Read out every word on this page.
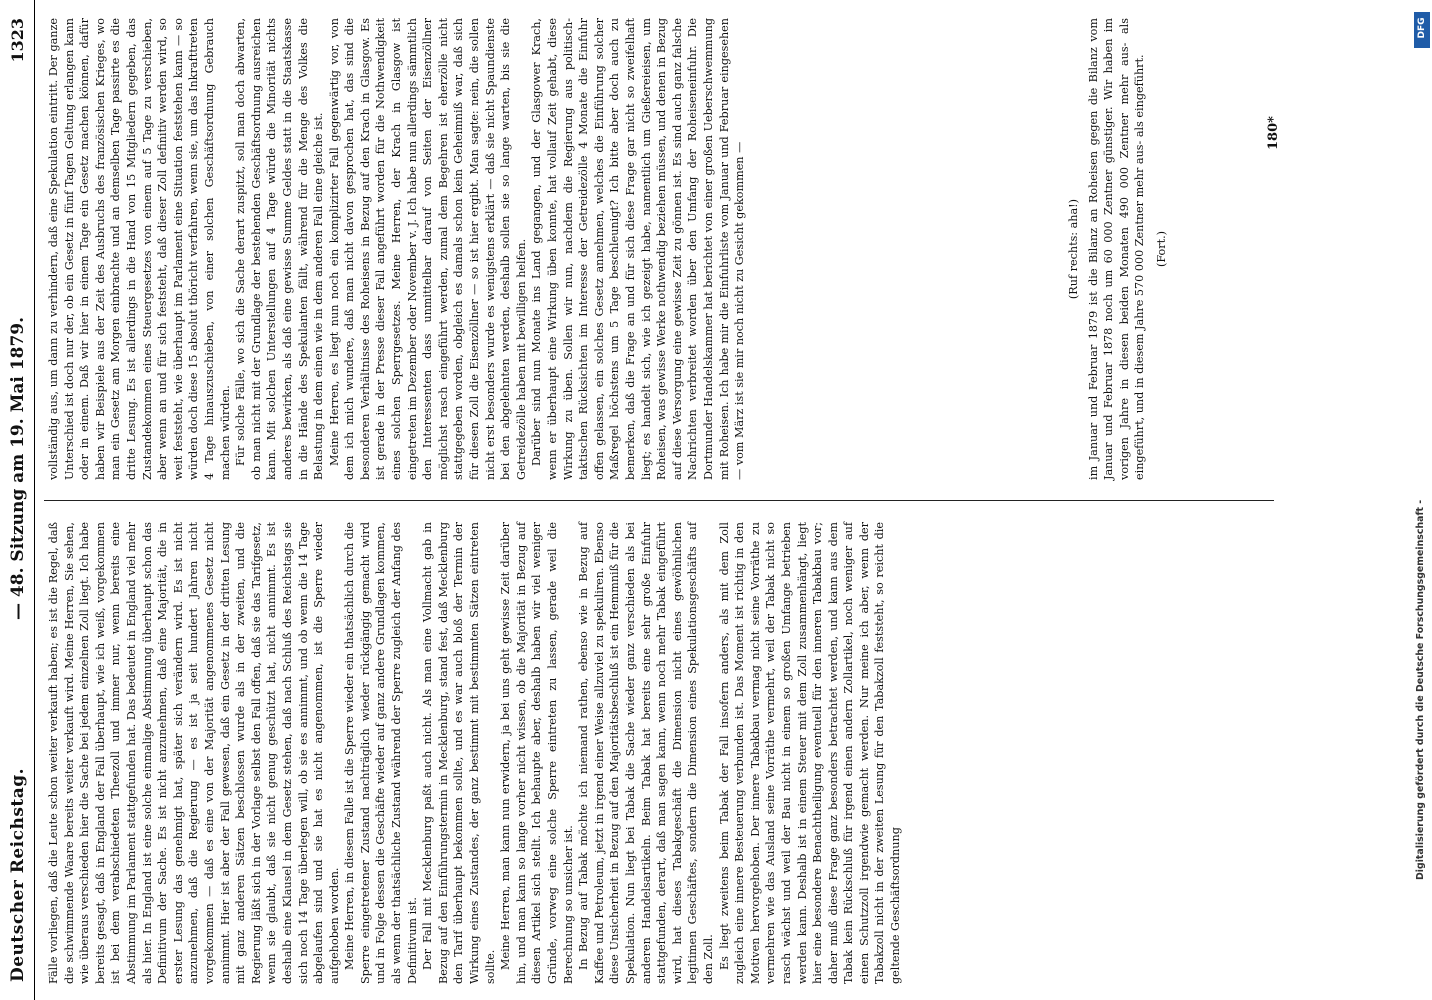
Deutscher Reichstag.
— 48. Sitzung am 19. Mai 1879.
1323

Fälle vorliegen, daß die Leute schon weiter verkauft haben; es ist die Regel, daß die schwimmende Waare bereits weiter verkauft wird. Meine Herren, Sie sehen, wie überaus verschieden hier die Sache bei jedem einzelnen Zoll liegt. Ich habe bereits gesagt, daß in England der Fall überhaupt, wie ich weiß, vorgekommen ist bei dem verabschiedeten Theezoll und immer nur, wenn bereits eine Abstimmung im Parlament stattgefunden hat. Das bedeutet in England viel mehr als hier. In England ist eine solche einmalige Abstimmung überhaupt schon das Definitivum der Sache. Es ist nicht anzunehmen, daß eine Majorität, die in erster Lesung das genehmigt hat, später sich verändern wird. Es ist nicht anzunehmen, daß die Regierung — es ist ja seit hundert Jahren nicht vorgekommen — daß es eine von der Majorität angenommenes Gesetz nicht annimmt. Hier ist aber der Fall gewesen, daß ein Gesetz in der dritten Lesung mit ganz anderen Sätzen beschlossen wurde als in der zweiten, und die Regierung läßt sich in der Vorlage selbst den Fall offen, daß sie das Tarifgesetz, wenn sie glaubt, daß sie nicht genug geschützt hat, nicht annimmt. Es ist deshalb eine Klausel in dem Gesetz stehen, daß nach Schluß des Reichstags sie sich noch 14 Tage überlegen will, ob sie es annimmt, und ob wenn die 14 Tage abgelaufen sind und sie hat es nicht angenommen, ist die Sperre wieder aufgehoben worden. Meine Herren, in diesem Falle ist die Sperre wieder ein thatsächlich durch die Sperre eingetretener Zustand nachträglich wieder rückgängig gemacht wird und in Folge dessen die Geschäfte wieder auf ganz andere Grundlagen kommen, als wenn der thatsächliche Zustand während der Sperre zugleich der Anfang des Definitivum ist. Der Fall mit Mecklenburg paßt auch nicht. Als man eine Vollmacht gab in Bezug auf den Einführungstermin in Mecklenburg, stand fest, daß Mecklenburg den Tarif überhaupt bekommen sollte, und es war auch bloß der Termin der Wirkung eines Zustandes, der ganz bestimmt mit bestimmten Sätzen eintreten sollte. Meine Herren, man kann nun erwidern, ja bei uns geht gewisse Zeit darüber hin, und man kann so lange vorher nicht wissen, ob die Majorität in Bezug auf diesen Artikel sich stellt. Ich behaupte aber, deshalb haben wir viel weniger Gründe, vorweg eine solche Sperre eintreten zu lassen, gerade weil die Berechnung so unsicher ist. In Bezug auf Tabak möchte ich niemand rathen, ebenso wie in Bezug auf Kaffee und Petroleum, jetzt in irgend einer Weise allzuviel zu spekuliren. Ebenso diese Unsicherheit in Bezug auf den Majoritätsbeschluß ist ein Hemmniß für die Spekulation. Nun liegt bei Tabak die Sache wieder ganz verschieden als bei anderen Handelsartikeln. Beim Tabak hat bereits eine sehr große Einfuhr stattgefunden, derart, daß man sagen kann, wenn noch mehr Tabak eingeführt wird, hat dieses Tabakgeschäft die Dimension nicht eines gewöhnlichen legitimen Geschäftes, sondern die Dimension eines Spekulationsgeschäfts auf den Zoll. Es liegt zweitens beim Tabak der Fall insofern anders, als mit dem Zoll zugleich eine innere Besteuerung verbunden ist. Das Moment ist richtig in den Motiven hervorgehoben. Der innere Tabakbau vermag nicht seine Vorräthe zu vermehren wie das Ausland seine Vorräthe vermehrt, weil der Tabak nicht so rasch wächst und weil der Bau nicht in einem so großen Umfange betrieben werden kann. Deshalb ist in einem Steuer mit dem Zoll zusammenhängt, liegt hier eine besondere Benachtheiligung eventuell für den inneren Tabakbau vor; daher muß diese Frage ganz besonders betrachtet werden, und kann aus dem Tabak kein Rückschluß für irgend einen andern Zollartikel, noch weniger auf einen Schutzzoll irgendwie gemacht werden. Nur meine ich aber, wenn der Tabakzoll nicht in der zweiten Lesung für den Tabakzoll feststeht, so reicht die geltende Geschäftsordnung

vollständig aus, um dann zu verhindern, daß eine Spekulation eintritt. Der ganze Unterschied ist doch nur der, ob ein Gesetz in fünf Tagen Geltung erlangen kann oder in einem. Daß wir hier in einem Tage ein Gesetz machen können, dafür haben wir Beispiele aus der Zeit des Ausbruchs des französischen Krieges, wo man ein Gesetz am Morgen einbrachte und an demselben Tage passirte es die dritte Lesung. Es ist allerdings in die Hand von 15 Mitgliedern gegeben, das Zustandekommen eines Steuergesetzes von einem auf 5 Tage zu verschieben, aber wenn an und für sich feststeht, daß dieser Zoll definitiv werden wird, so weit feststeht, wie überhaupt im Parlament eine Situation feststehen kann — so würden doch diese 15 absolut thöricht verfahren, wenn sie, um das Inkrafttreten 4 Tage hinauszuschieben, von einer solchen Geschäftsordnung Gebrauch machen würden. Für solche Fälle, wo sich die Sache derart zuspitzt, soll man doch abwarten, ob man nicht mit der Grundlage der bestehenden Geschäftsordnung ausreichen kann. Mit solchen Unterstellungen auf 4 Tage würde die Minorität nichts anderes bewirken, als daß eine gewisse Summe Geldes statt in die Staatskasse in die Hände des Spekulanten fällt, während für die Menge des Volkes die Belastung in dem einen wie in dem anderen Fall eine gleiche ist. Meine Herren, es liegt nun noch ein komplizirter Fall gegenwärtig vor, von dem ich mich wundere, daß man nicht davon gesprochen hat, das sind die besonderen Verhältnisse des Roheisens in Bezug auf den Krach in Glasgow. Es ist gerade in der Presse dieser Fall angeführt worden für die Nothwendigkeit eines solchen Sperrgesetzes. Meine Herren, der Krach in Glasgow ist eingetreten im Dezember oder November v. J. Ich habe nun allerdings sämmtlich den Interessenten dass unmittelbar darauf von Seiten der Eisenzöllner möglichst rasch eingeführt werden, zumal dem Begehren ist eherzölle nicht stattgegeben worden, obgleich es damals schon kein Geheimniß war, daß sich für diesen Zoll die Eisenzöllner — so ist hier ergibt. Man sagte: nein, die sollen nicht erst besonders wurde es wenigstens erklärt — daß sie nicht Spaundienste bei den abgelehnten werden, deshalb sollen sie so lange warten, bis sie die Getreidezölle haben mit bewilligen helfen. Darüber sind nun Monate ins Land gegangen, und der Glasgower Krach, wenn er überhaupt eine Wirkung üben konnte, hat vollauf Zeit gehabt, diese Wirkung zu üben. Sollen wir nun, nachdem die Regierung aus politisch-taktischen Rücksichten im Interesse der Getreidezölle 4 Monate die Einfuhr offen gelassen, ein solches Gesetz annehmen, welches die Einführung solcher Maßregel höchstens um 5 Tage beschleunigt? Ich bitte aber doch auch zu bemerken, daß die Frage an und für sich diese Frage gar nicht so zweifelhaft liegt; es handelt sich, wie ich gezeigt habe, namentlich um Gießereieisen, um Roheisen, was gewisse Werke nothwendig beziehen müssen, und denen in Bezug auf diese Versorgung eine gewisse Zeit zu gönnen ist. Es sind auch ganz falsche Nachrichten verbreitet worden über den Umfang der Roheiseneinfuhr. Die Dortmunder Handelskammer hat berichtet von einer großen Ueberschwemmung mit Roheisen. Ich habe mir die Einfuhrliste vom Januar und Februar eingesehen — vom März ist sie mir noch nicht zu Gesicht gekommen —	(Ruf rechts: aha!) im Januar und Februar 1879 ist die Bilanz an Roheisen gegen die Bilanz vom Januar und Februar 1878 noch um 60 000 Zentner günstiger. Wir haben im vorigen Jahre in diesen beiden Monaten 490 000 Zentner mehr aus- als eingeführt, und in diesem Jahre 570 000 Zentner mehr aus- als eingeführt. (Fort.)

180*
Digitalisierung gefördert durch die Deutsche Forschungsgemeinschaft -
DFG
